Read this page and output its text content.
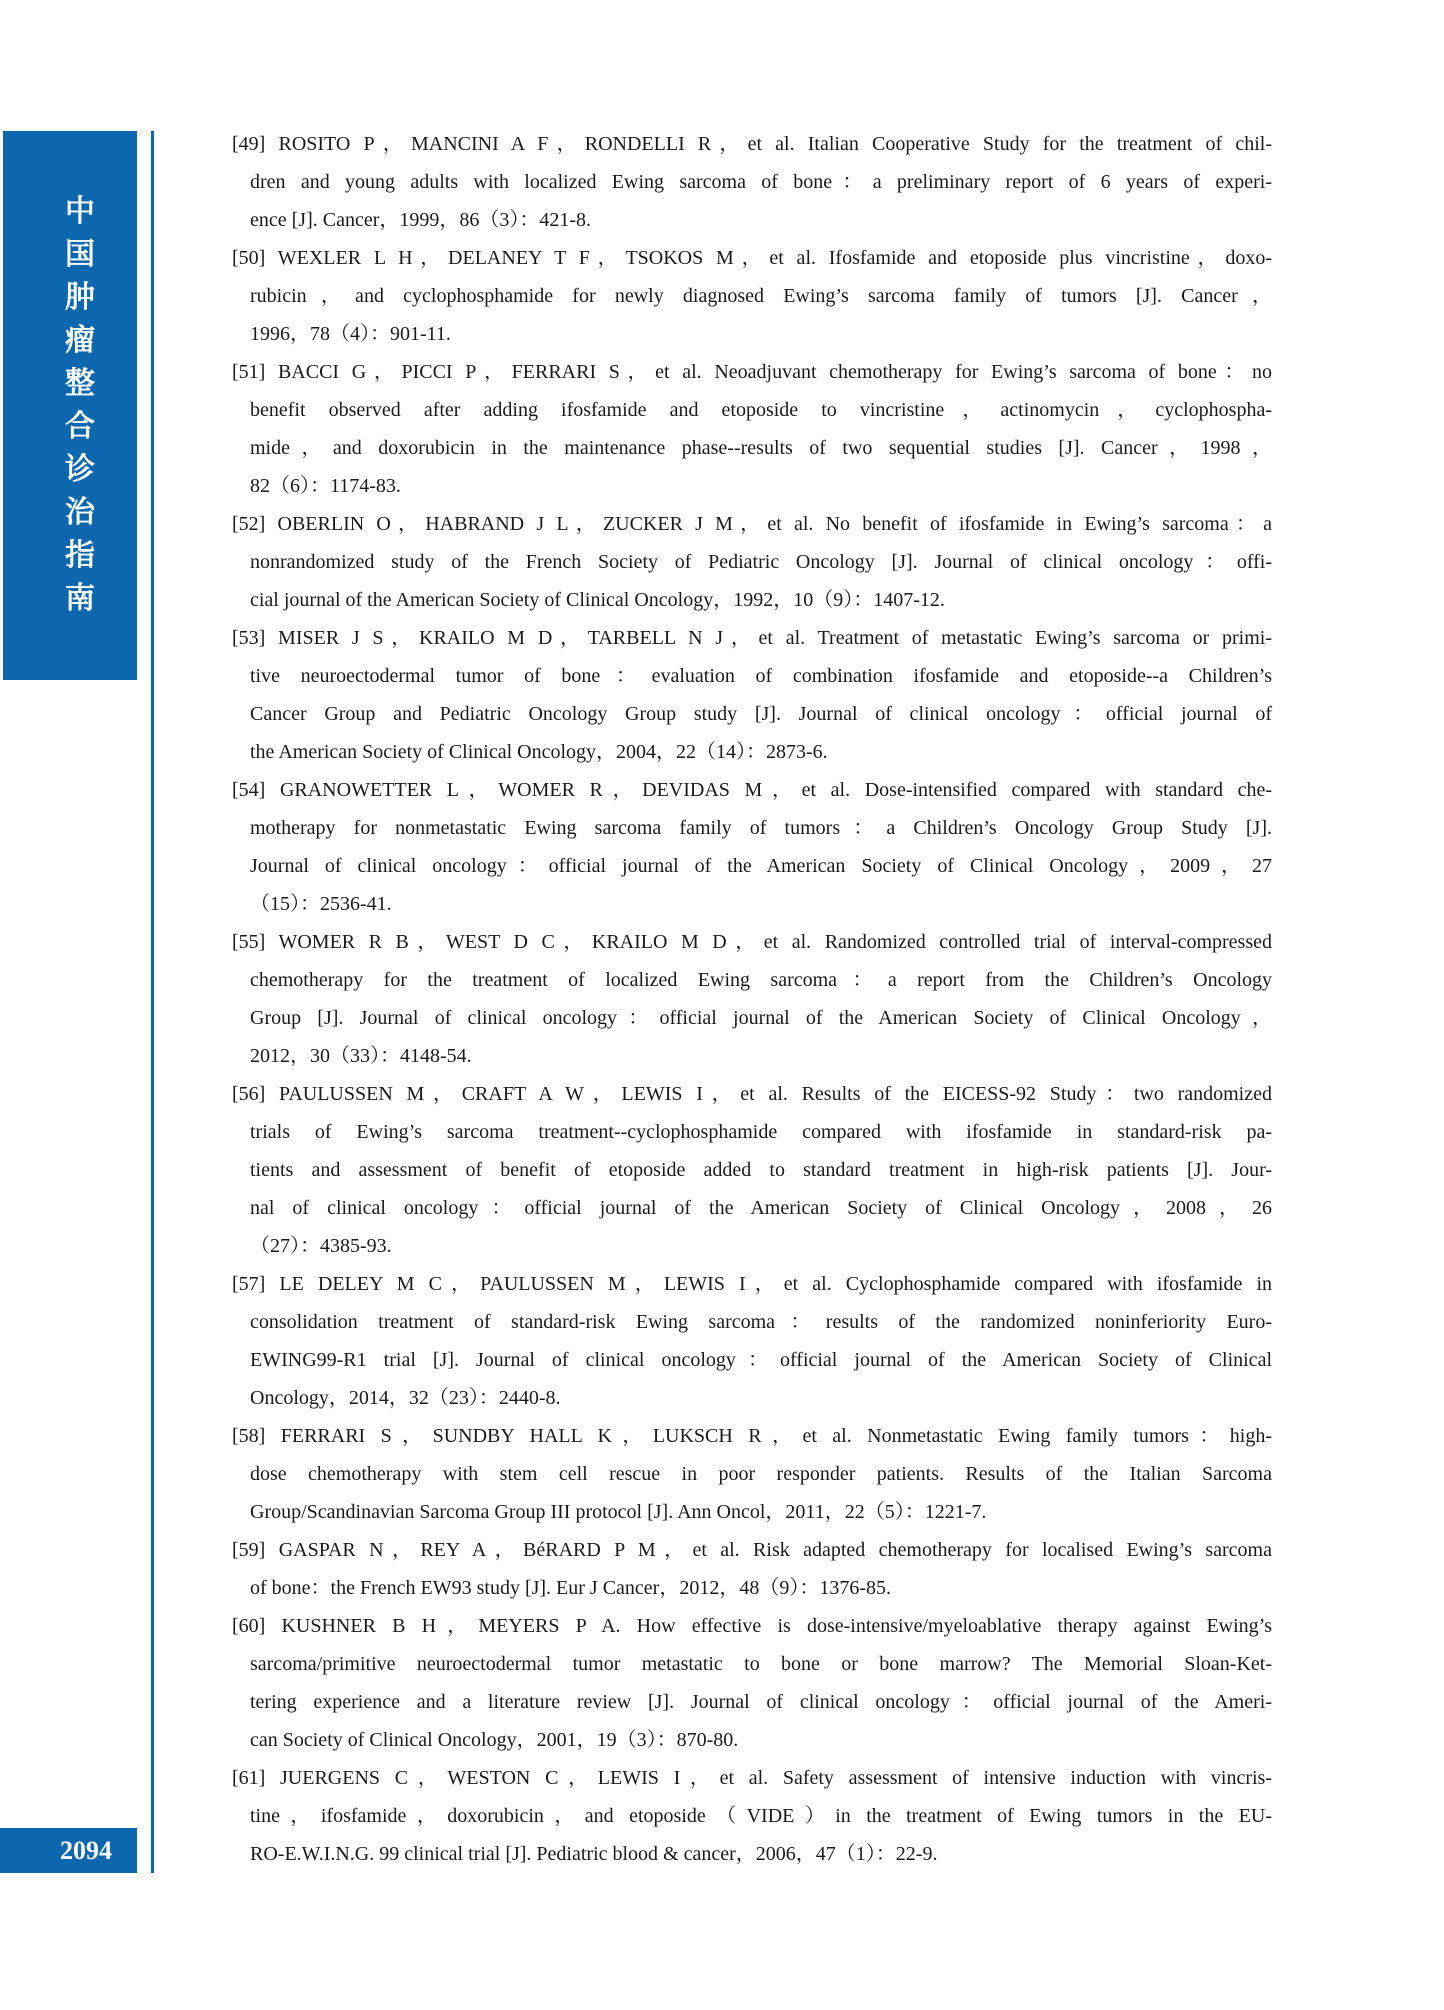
中
国
肿
瘤
整
合
诊
治
指
南
2094
[49] ROSITO P，MANCINI A F，RONDELLI R，et al. Italian Cooperative Study for the treatment of chil-
dren and young adults with localized Ewing sarcoma of bone：a preliminary report of 6 years of experi-
ence [J]. Cancer，1999，86（3）：421-8.
[50] WEXLER L H，DELANEY T F，TSOKOS M，et al. Ifosfamide and etoposide plus vincristine，doxo-
rubicin，and cyclophosphamide for newly diagnosed Ewing’s sarcoma family of tumors [J]. Cancer，
1996，78（4）：901-11.
[51] BACCI G，PICCI P，FERRARI S，et al. Neoadjuvant chemotherapy for Ewing’s sarcoma of bone：no
benefit observed after adding ifosfamide and etoposide to vincristine，actinomycin，cyclophospha-
mide，and doxorubicin in the maintenance phase--results of two sequential studies [J]. Cancer，1998，
82（6）：1174-83.
[52] OBERLIN O，HABRAND J L，ZUCKER J M，et al. No benefit of ifosfamide in Ewing’s sarcoma：a
nonrandomized study of the French Society of Pediatric Oncology [J]. Journal of clinical oncology：offi-
cial journal of the American Society of Clinical Oncology，1992，10（9）：1407-12.
[53] MISER J S，KRAILO M D，TARBELL N J，et al. Treatment of metastatic Ewing’s sarcoma or primi-
tive neuroectodermal tumor of bone：evaluation of combination ifosfamide and etoposide--a Children’s
Cancer Group and Pediatric Oncology Group study [J]. Journal of clinical oncology：official journal of
the American Society of Clinical Oncology，2004，22（14）：2873-6.
[54] GRANOWETTER L，WOMER R，DEVIDAS M，et al. Dose-intensified compared with standard che-
motherapy for nonmetastatic Ewing sarcoma family of tumors：a Children’s Oncology Group Study [J].
Journal of clinical oncology：official journal of the American Society of Clinical Oncology，2009，27
（15）：2536-41.
[55] WOMER R B，WEST D C，KRAILO M D，et al. Randomized controlled trial of interval-compressed
chemotherapy for the treatment of localized Ewing sarcoma：a report from the Children’s Oncology
Group [J]. Journal of clinical oncology：official journal of the American Society of Clinical Oncology，
2012，30（33）：4148-54.
[56] PAULUSSEN M，CRAFT A W，LEWIS I，et al. Results of the EICESS-92 Study：two randomized
trials of Ewing’s sarcoma treatment--cyclophosphamide compared with ifosfamide in standard-risk pa-
tients and assessment of benefit of etoposide added to standard treatment in high-risk patients [J]. Jour-
nal of clinical oncology：official journal of the American Society of Clinical Oncology，2008，26
（27）：4385-93.
[57] LE DELEY M C，PAULUSSEN M，LEWIS I，et al. Cyclophosphamide compared with ifosfamide in
consolidation treatment of standard-risk Ewing sarcoma：results of the randomized noninferiority Euro-
EWING99-R1 trial [J]. Journal of clinical oncology：official journal of the American Society of Clinical
Oncology，2014，32（23）：2440-8.
[58] FERRARI S，SUNDBY HALL K，LUKSCH R，et al. Nonmetastatic Ewing family tumors：high-
dose chemotherapy with stem cell rescue in poor responder patients. Results of the Italian Sarcoma
Group/Scandinavian Sarcoma Group III protocol [J]. Ann Oncol，2011，22（5）：1221-7.
[59] GASPAR N，REY A，BéRARD P M，et al. Risk adapted chemotherapy for localised Ewing’s sarcoma
of bone：the French EW93 study [J]. Eur J Cancer，2012，48（9）：1376-85.
[60] KUSHNER B H，MEYERS P A. How effective is dose-intensive/myeloablative therapy against Ewing’s
sarcoma/primitive neuroectodermal tumor metastatic to bone or bone marrow? The Memorial Sloan-Ket-
tering experience and a literature review [J]. Journal of clinical oncology：official journal of the Ameri-
can Society of Clinical Oncology，2001，19（3）：870-80.
[61] JUERGENS C，WESTON C，LEWIS I，et al. Safety assessment of intensive induction with vincris-
tine，ifosfamide，doxorubicin，and etoposide（VIDE）in the treatment of Ewing tumors in the EU-
RO-E.W.I.N.G. 99 clinical trial [J]. Pediatric blood & cancer，2006，47（1）：22-9.
